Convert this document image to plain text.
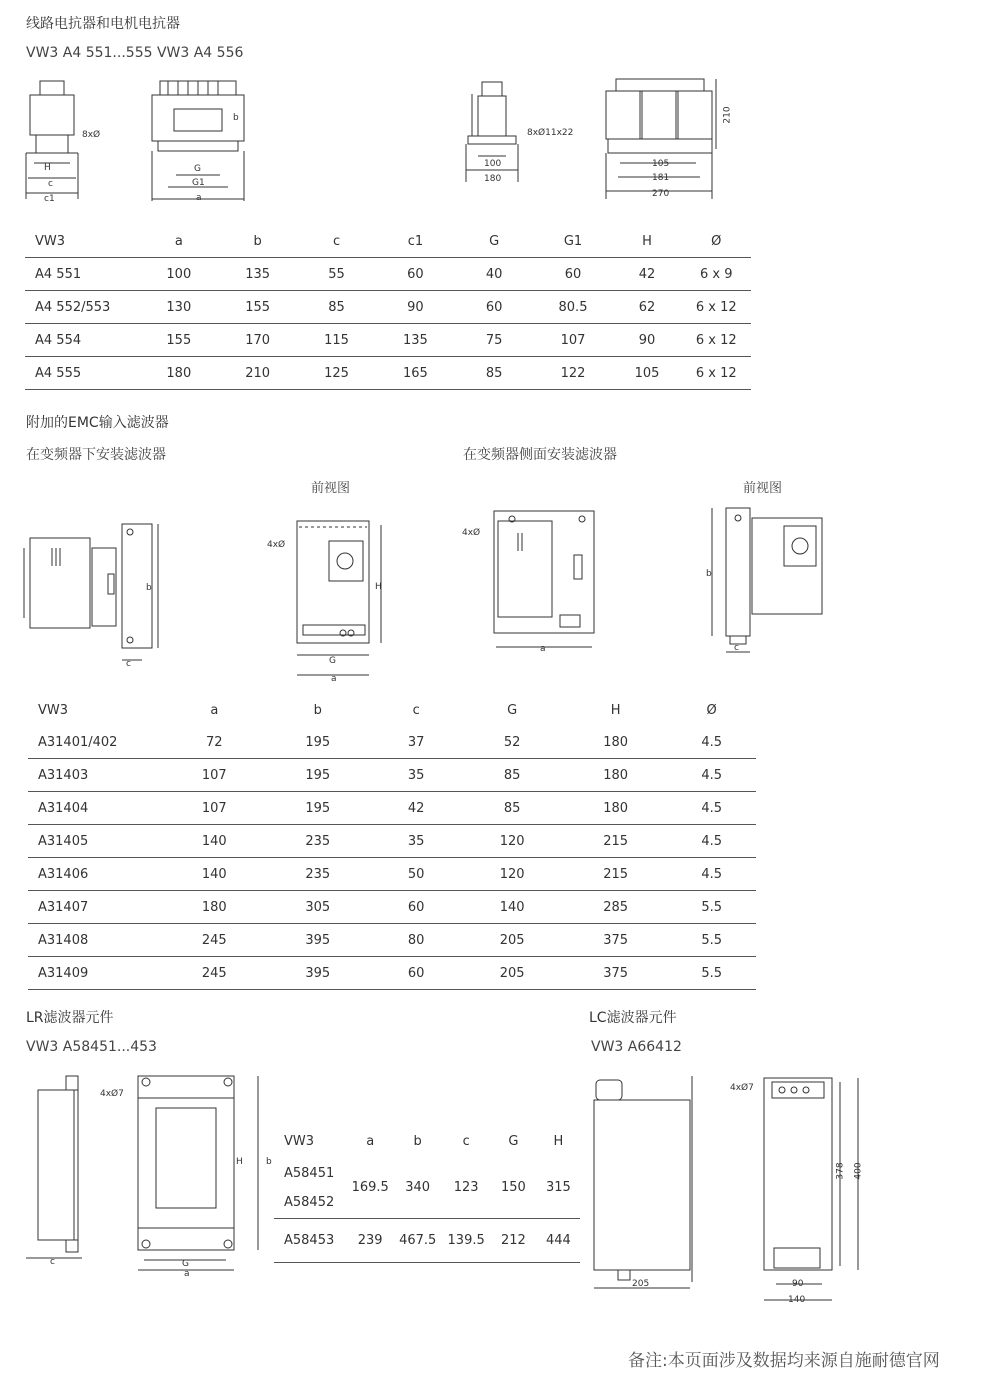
线路电抗器和电机电抗器
VW3 A4 551...555 VW3 A4 556
H
c
c1
8xØ
G
G1
a
b
100
180
8xØ11x22
105
181
270
210
VW3	a	b	c	c1	G	G1	H	Ø
A4 551	100	135	55	60	40	60	42	6 x 9
A4 552/553	130	155	85	90	60	80.5	62	6 x 12
A4 554	155	170	115	135	75	107	90	6 x 12
A4 555	180	210	125	165	85	122	105	6 x 12
附加的EMC输入滤波器
在变频器下安装滤波器	在变频器侧面安装滤波器
前视图	前视图
b
c
4xØ
G
a
H
4xØ
a
b
c
VW3	a	b	c	G	H	Ø
A31401/402	72	195	37	52	180	4.5
A31403	107	195	35	85	180	4.5
A31404	107	195	42	85	180	4.5
A31405	140	235	35	120	215	4.5
A31406	140	235	50	120	215	4.5
A31407	180	305	60	140	285	5.5
A31408	245	395	80	205	375	5.5
A31409	245	395	60	205	375	5.5
LR滤波器元件
VW3 A58451...453
c
4xØ7
G
a
H	b
VW3	a	b	c	G	H
A58451	169.5	340	123	150	315
A58452					
A58453	239	467.5	139.5	212	444
LC滤波器元件
VW3 A66412
205
4xØ7
90
140
378 400
备注:本页面涉及数据均来源自施耐德官网
